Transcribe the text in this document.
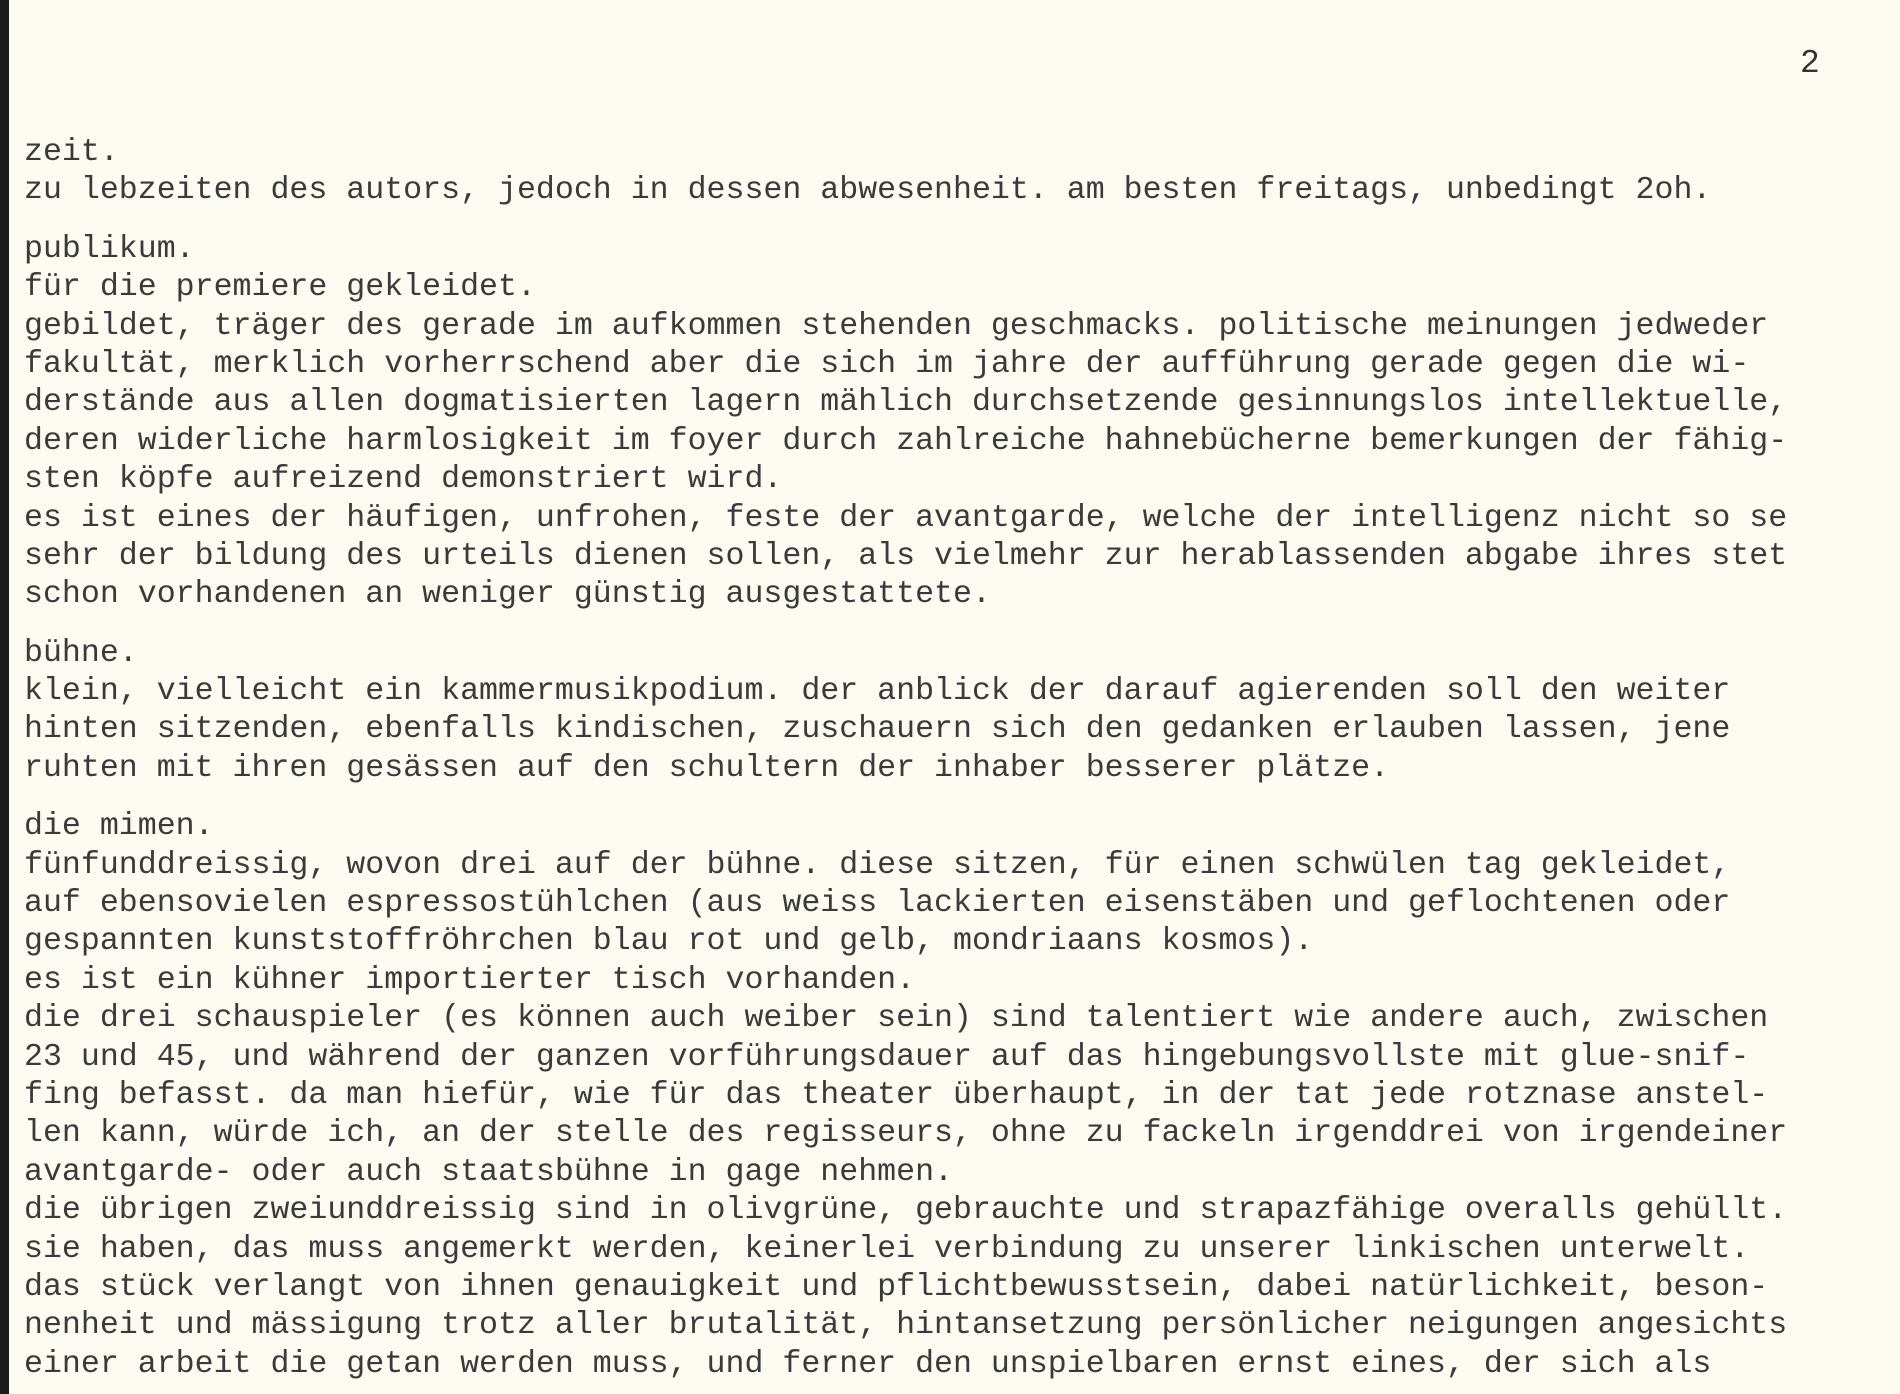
2
zeit.
zu lebzeiten des autors, jedoch in dessen abwesenheit. am besten freitags, unbedingt 2oh.
publikum.
für die premiere gekleidet.
gebildet, träger des gerade im aufkommen stehenden geschmacks. politische meinungen jedweder
fakultät, merklich vorherrschend aber die sich im jahre der aufführung gerade gegen die wi-
derstände aus allen dogmatisierten lagern mählich durchsetzende gesinnungslos intellektuelle,
deren widerliche harmlosigkeit im foyer durch zahlreiche hahnebücherne bemerkungen der fähig-
sten köpfe aufreizend demonstriert wird.
es ist eines der häufigen, unfrohen, feste der avantgarde, welche der intelligenz nicht so se
sehr der bildung des urteils dienen sollen, als vielmehr zur herablassenden abgabe ihres stet
schon vorhandenen an weniger günstig ausgestattete.
bühne.
klein, vielleicht ein kammermusikpodium. der anblick der darauf agierenden soll den weiter
hinten sitzenden, ebenfalls kindischen, zuschauern sich den gedanken erlauben lassen, jene
ruhten mit ihren gesässen auf den schultern der inhaber besserer plätze.
die mimen.
fünfunddreissig, wovon drei auf der bühne. diese sitzen, für einen schwülen tag gekleidet,
auf ebensovielen espressostühlchen (aus weiss lackierten eisenstäben und geflochtenen oder
gespannten kunststoffröhrchen blau rot und gelb, mondriaans kosmos).
es ist ein kühner importierter tisch vorhanden.
die drei schauspieler (es können auch weiber sein) sind talentiert wie andere auch, zwischen
23 und 45, und während der ganzen vorführungsdauer auf das hingebungsvollste mit glue-snif-
fing befasst. da man hiefür, wie für das theater überhaupt, in der tat jede rotznase anstel-
len kann, würde ich, an der stelle des regisseurs, ohne zu fackeln irgenddrei von irgendeiner
avantgarde- oder auch staatsbühne in gage nehmen.
die übrigen zweiunddreissig sind in olivgrüne, gebrauchte und strapazfähige overalls gehüllt.
sie haben, das muss angemerkt werden, keinerlei verbindung zu unserer linkischen unterwelt.
das stück verlangt von ihnen genauigkeit und pflichtbewusstsein, dabei natürlichkeit, beson-
nenheit und mässigung trotz aller brutalität, hintansetzung persönlicher neigungen angesichts
einer arbeit die getan werden muss, und ferner den unspielbaren ernst eines, der sich als
